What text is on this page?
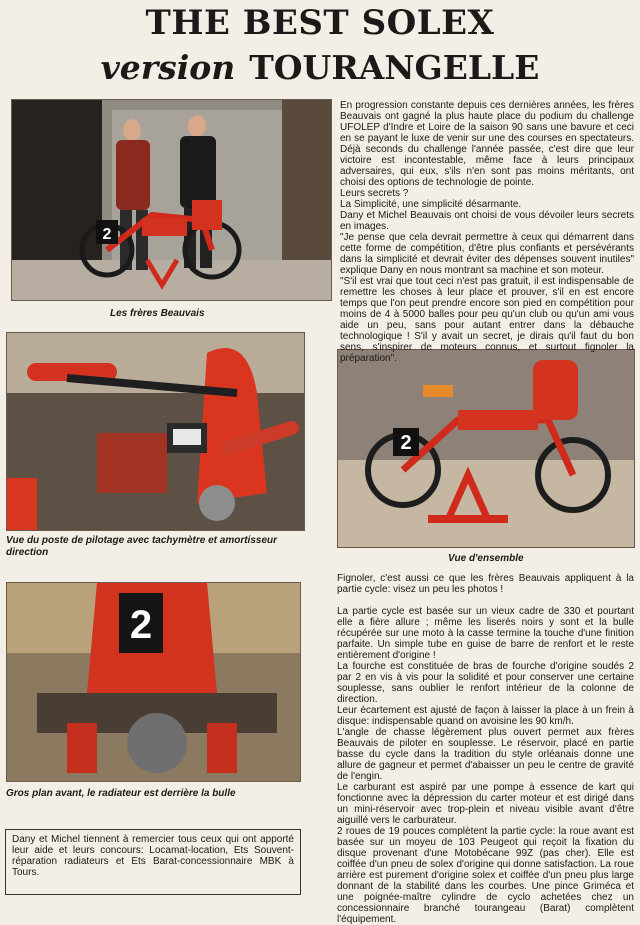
THE BEST SOLEX
version TOURANGELLE
2
Les frères Beauvais
Vue du poste de pilotage avec tachymètre et amortisseur direction
2
Vue d'ensemble
2
Gros plan avant, le radiateur est derrière la bulle

En progression constante depuis ces dernières années, les frères Beauvais ont gagné la plus haute place du podium du challenge UFOLEP d'Indre et Loire de la saison 90 sans une bavure et ceci en se payant le luxe de venir sur une des courses en spectateurs. Déjà seconds du challenge l'année passée, c'est dire que leur victoire est incontestable, même face à leurs principaux adversaires, qui eux, s'ils n'en sont pas moins méritants, ont choisi des options de technologie de pointe.

Leurs secrets ?

La Simplicité, une simplicité désarmante.

Dany et Michel Beauvais ont choisi de vous dévoiler leurs secrets en images.

"Je pense que cela devrait permettre à ceux qui démarrent dans cette forme de compétition, d'être plus confiants et persévérants dans la simplicité et devrait éviter des dépenses souvent inutiles" explique Dany en nous montrant sa machine et son moteur.

"S'il est vrai que tout ceci n'est pas gratuit, il est indispensable de remettre les choses à leur place et prouver, s'il en est encore temps que l'on peut prendre encore son pied en compétition pour moins de 4 à 5000 balles pour peu qu'un club ou qu'un ami vous aide un peu, sans pour autant entrer dans la débauche technologique ! S'il y avait un secret, je dirais qu'il faut du bon sens, s'inspirer de moteurs connus, et surtout fignoler la préparation".

Fignoler, c'est aussi ce que les frères Beauvais appliquent à la partie cycle: visez un peu les photos !

La partie cycle est basée sur un vieux cadre de 330 et pourtant elle a fière allure ; même les liserés noirs y sont et la bulle récupérée sur une moto à la casse termine la touche d'une finition parfaite. Un simple tube en guise de barre de renfort et le reste entièrement d'origine !

La fourche est constituée de bras de fourche d'origine soudés 2 par 2 en vis à vis pour la solidité et pour conserver une certaine souplesse, sans oublier le renfort intérieur de la colonne de direction.

Leur écartement est ajusté de façon à laisser la place à un frein à disque: indispensable quand on avoisine les 90 km/h.

L'angle de chasse légèrement plus ouvert permet aux frères Beauvais de piloter en souplesse. Le réservoir, placé en partie basse du cycle dans la tradition du style orléanais donne une allure de gagneur et permet d'abaisser un peu le centre de gravité de l'engin.

Le carburant est aspiré par une pompe à essence de kart qui fonctionne avec la dépression du carter moteur et est dirigé dans un mini-réservoir avec trop-plein et niveau visible avant d'être aiguillé vers le carburateur.

2 roues de 19 pouces complètent la partie cycle: la roue avant est basée sur un moyeu de 103 Peugeot qui reçoit la fixation du disque provenant d'une Motobécane 99Z (pas cher). Elle est coiffée d'un pneu de solex d'origine qui donne satisfaction. La roue arrière est purement d'origine solex et coiffée d'un pneu plus large donnant de la stabilité dans les courbes. Une pince Griméca et une poignée-maître cylindre de cyclo achetées chez un concessionnaire branché tourangeau (Barat) complètent l'équipement.

Dany et Michel tiennent à remercier tous ceux qui ont apporté leur aide et leurs concours: Locamat-location, Ets Souvent-réparation radiateurs et Ets Barat-concessionnaire MBK à Tours.
